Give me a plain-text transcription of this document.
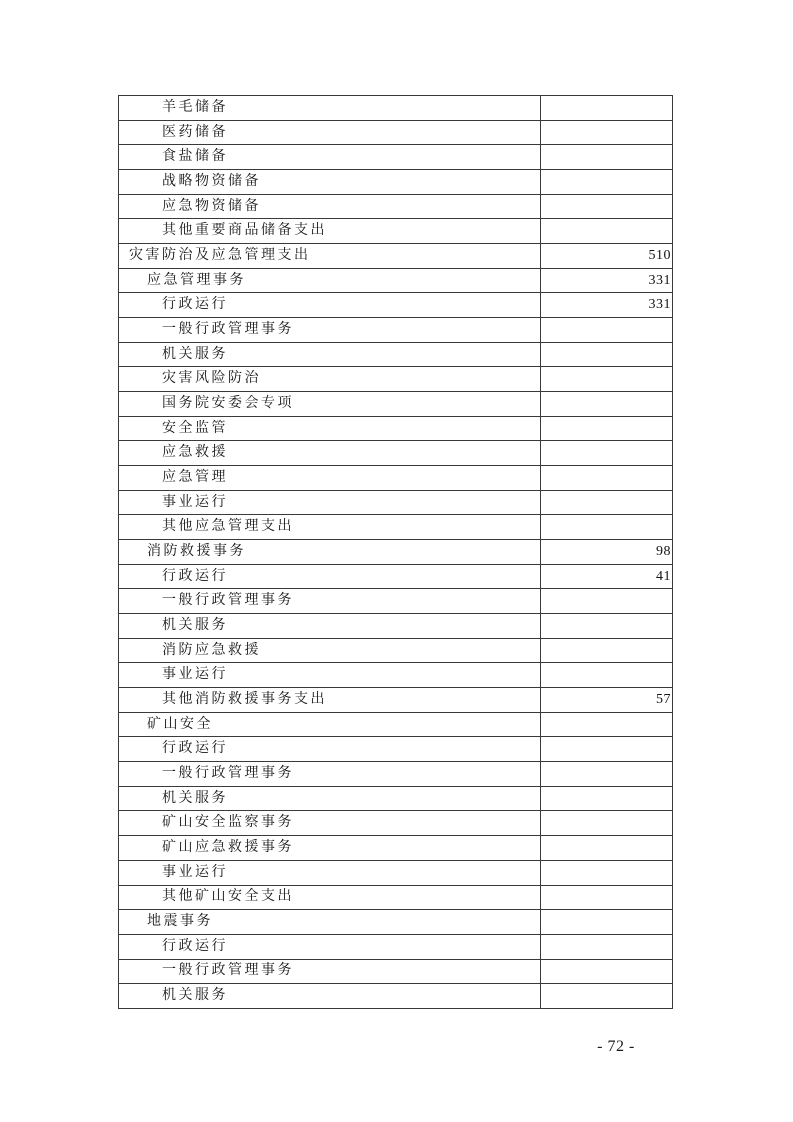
羊毛储备	
医药储备	
食盐储备	
战略物资储备	
应急物资储备	
其他重要商品储备支出	
灾害防治及应急管理支出	510
应急管理事务	331
行政运行	331
一般行政管理事务	
机关服务	
灾害风险防治	
国务院安委会专项	
安全监管	
应急救援	
应急管理	
事业运行	
其他应急管理支出	
消防救援事务	98
行政运行	41
一般行政管理事务	
机关服务	
消防应急救援	
事业运行	
其他消防救援事务支出	57
矿山安全	
行政运行	
一般行政管理事务	
机关服务	
矿山安全监察事务	
矿山应急救援事务	
事业运行	
其他矿山安全支出	
地震事务	
行政运行	
一般行政管理事务	
机关服务	
- 72 -
